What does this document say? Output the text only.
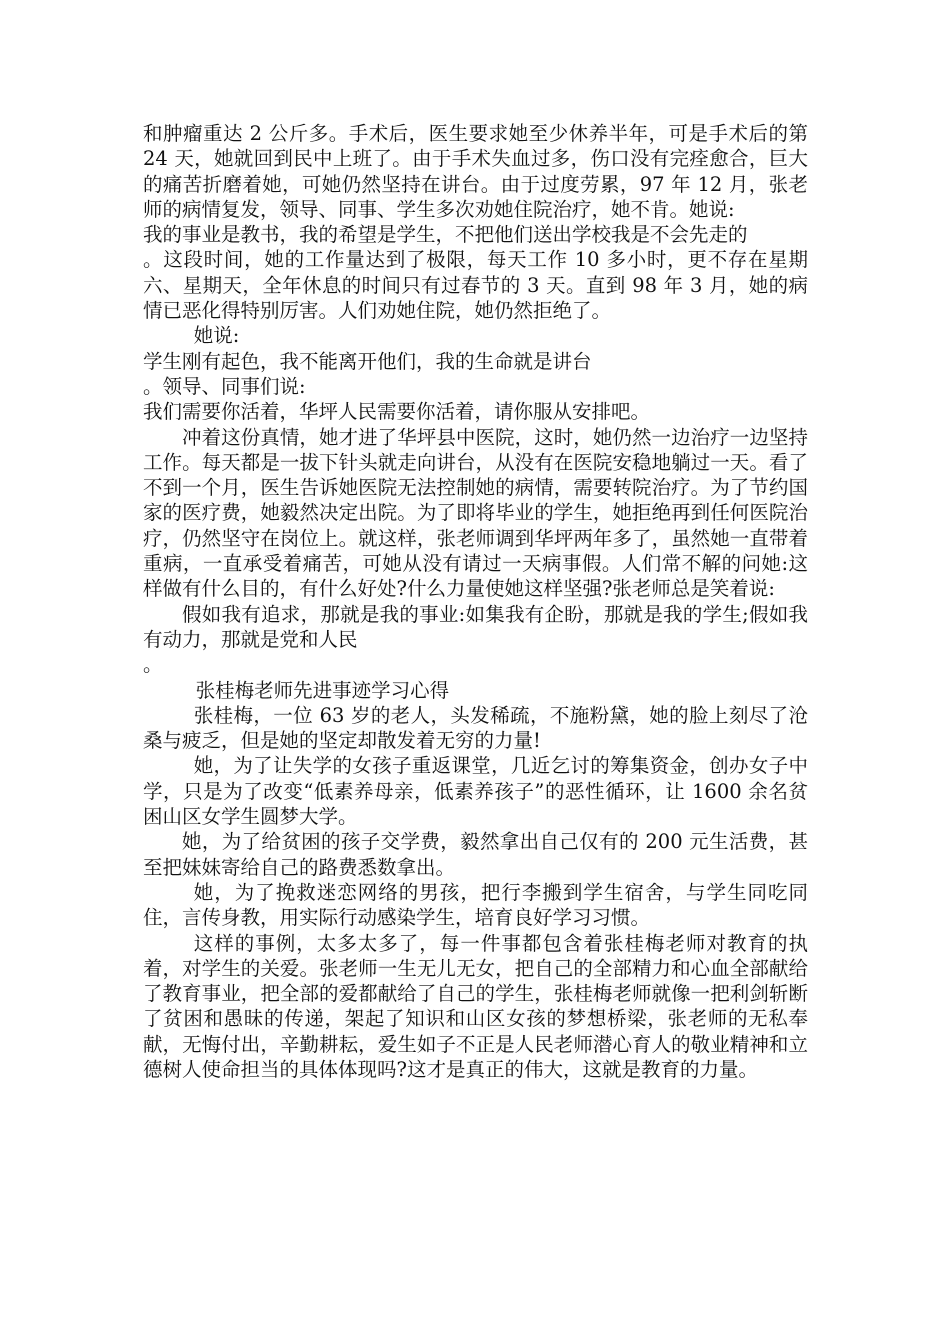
和肿瘤重达 2 公斤多。手术后，医生要求她至少休养半年，可是手术后的第 24 天，她就回到民中上班了。由于手术失血过多，伤口没有完痊愈合，巨大的痛苦折磨着她，可她仍然坚持在讲台。由于过度劳累，97 年 12 月，张老师的病情复发，领导、同事、学生多次劝她住院治疗，她不肯。她说:

我的事业是教书，我的希望是学生，不把他们送出学校我是不会先走的

。这段时间，她的工作量达到了极限，每天工作 10 多小时，更不存在星期六、星期天，全年休息的时间只有过春节的 3 天。直到 98 年 3 月，她的病情已恶化得特别厉害。人们劝她住院，她仍然拒绝了。

她说:

学生刚有起色，我不能离开他们，我的生命就是讲台

。领导、同事们说:

我们需要你活着，华坪人民需要你活着，请你服从安排吧。

冲着这份真情，她才进了华坪县中医院，这时，她仍然一边治疗一边坚持工作。每天都是一拔下针头就走向讲台，从没有在医院安稳地躺过一天。看了不到一个月，医生告诉她医院无法控制她的病情，需要转院治疗。为了节约国家的医疗费，她毅然决定出院。为了即将毕业的学生，她拒绝再到任何医院治疗，仍然坚守在岗位上。就这样，张老师调到华坪两年多了，虽然她一直带着重病，一直承受着痛苦，可她从没有请过一天病事假。人们常不解的问她:这样做有什么目的，有什么好处?什么力量使她这样坚强?张老师总是笑着说:

假如我有追求，那就是我的事业:如集我有企盼，那就是我的学生;假如我有动力，那就是党和人民

。

张桂梅老师先进事迹学习心得

张桂梅，一位 63 岁的老人，头发稀疏，不施粉黛，她的脸上刻尽了沧桑与疲乏，但是她的坚定却散发着无穷的力量!

她，为了让失学的女孩子重返课堂，几近乞讨的筹集资金，创办女子中学，只是为了改变“低素养母亲，低素养孩子”的恶性循环，让 1600 余名贫困山区女学生圆梦大学。

她，为了给贫困的孩子交学费，毅然拿出自己仅有的 200 元生活费，甚至把妹妹寄给自己的路费悉数拿出。

她，为了挽救迷恋网络的男孩，把行李搬到学生宿舍，与学生同吃同住，言传身教，用实际行动感染学生，培育良好学习习惯。

这样的事例，太多太多了，每一件事都包含着张桂梅老师对教育的执着，对学生的关爱。张老师一生无儿无女，把自己的全部精力和心血全部献给了教育事业，把全部的爱都献给了自己的学生，张桂梅老师就像一把利剑斩断了贫困和愚昧的传递，架起了知识和山区女孩的梦想桥梁，张老师的无私奉献，无悔付出，辛勤耕耘，爱生如子不正是人民老师潜心育人的敬业精神和立德树人使命担当的具体体现吗?这才是真正的伟大，这就是教育的力量。
